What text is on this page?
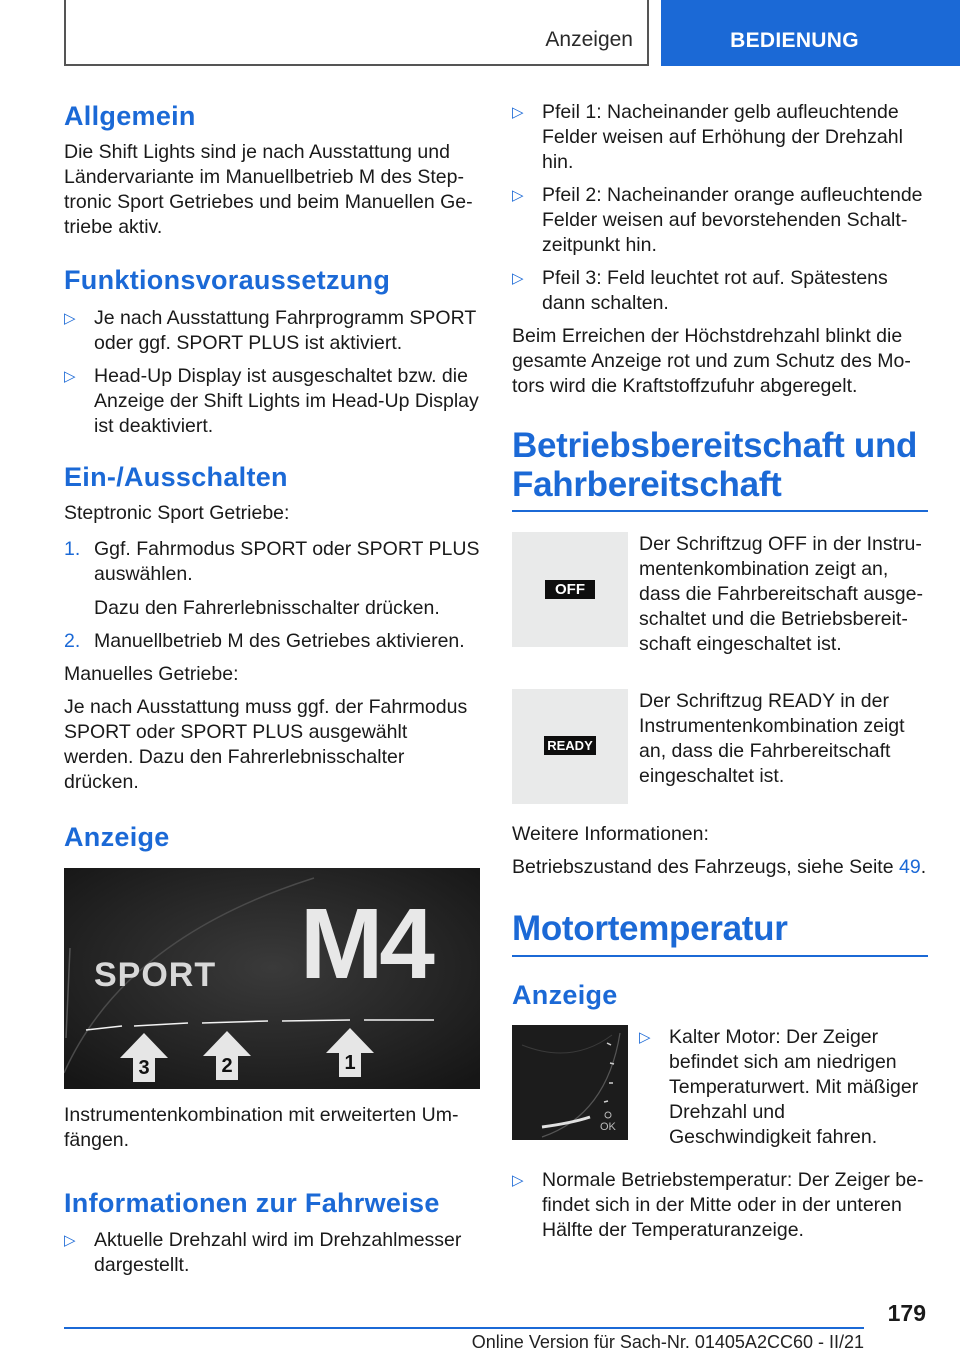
Anzeigen	BEDIENUNG
Allgemein

Die Shift Lights sind je nach Ausstattung und Ländervariante im Manuellbetrieb M des Steptronic Sport Getriebes und beim Manuellen Getriebe aktiv.

Funktionsvoraussetzung
▷ Je nach Ausstattung Fahrprogramm SPORT oder ggf. SPORT PLUS ist aktiviert.
▷ Head-Up Display ist ausgeschaltet bzw. die Anzeige der Shift Lights im Head-Up Display ist deaktiviert.
Ein-/Ausschalten

Steptronic Sport Getriebe:

1. Ggf. Fahrmodus SPORT oder SPORT PLUS auswählen.
Dazu den Fahrerlebnisschalter drücken.
2. Manuellbetrieb M des Getriebes aktivieren.

Manuelles Getriebe:

Je nach Ausstattung muss ggf. der Fahrmodus SPORT oder SPORT PLUS ausgewählt werden. Dazu den Fahrerlebnisschalter drücken.

Anzeige
SPORT M4
3	2	1

Instrumentenkombination mit erweiterten Umfängen.

Informationen zur Fahrweise
▷ Aktuelle Drehzahl wird im Drehzahlmesser dargestellt.
▷ Pfeil 1: Nacheinander gelb aufleuchtende Felder weisen auf Erhöhung der Drehzahl hin.
▷ Pfeil 2: Nacheinander orange aufleuchtende Felder weisen auf bevorstehenden Schaltzeitpunkt hin.
▷ Pfeil 3: Feld leuchtet rot auf. Spätestens dann schalten.

Beim Erreichen der Höchstdrehzahl blinkt die gesamte Anzeige rot und zum Schutz des Motors wird die Kraftstoffzufuhr abgeregelt.

Betriebsbereitschaft und Fahrbereitschaft
OFF
Der Schriftzug OFF in der Instrumentenkombination zeigt an, dass die Fahrbereitschaft ausgeschaltet und die Betriebsbereitschaft eingeschaltet ist.
READY
Der Schriftzug READY in der Instrumentenkombination zeigt an, dass die Fahrbereitschaft eingeschaltet ist.

Weitere Informationen:

Betriebszustand des Fahrzeugs, siehe Seite 49.

Motortemperatur
Anzeige
OK
▷ Kalter Motor: Der Zeiger befindet sich am niedrigen Temperaturwert. Mit mäßiger Drehzahl und Geschwindigkeit fahren.
▷ Normale Betriebstemperatur: Der Zeiger befindet sich in der Mitte oder in der unteren Hälfte der Temperaturanzeige.
179
Online Version für Sach-Nr. 01405A2CC60 - II/21
